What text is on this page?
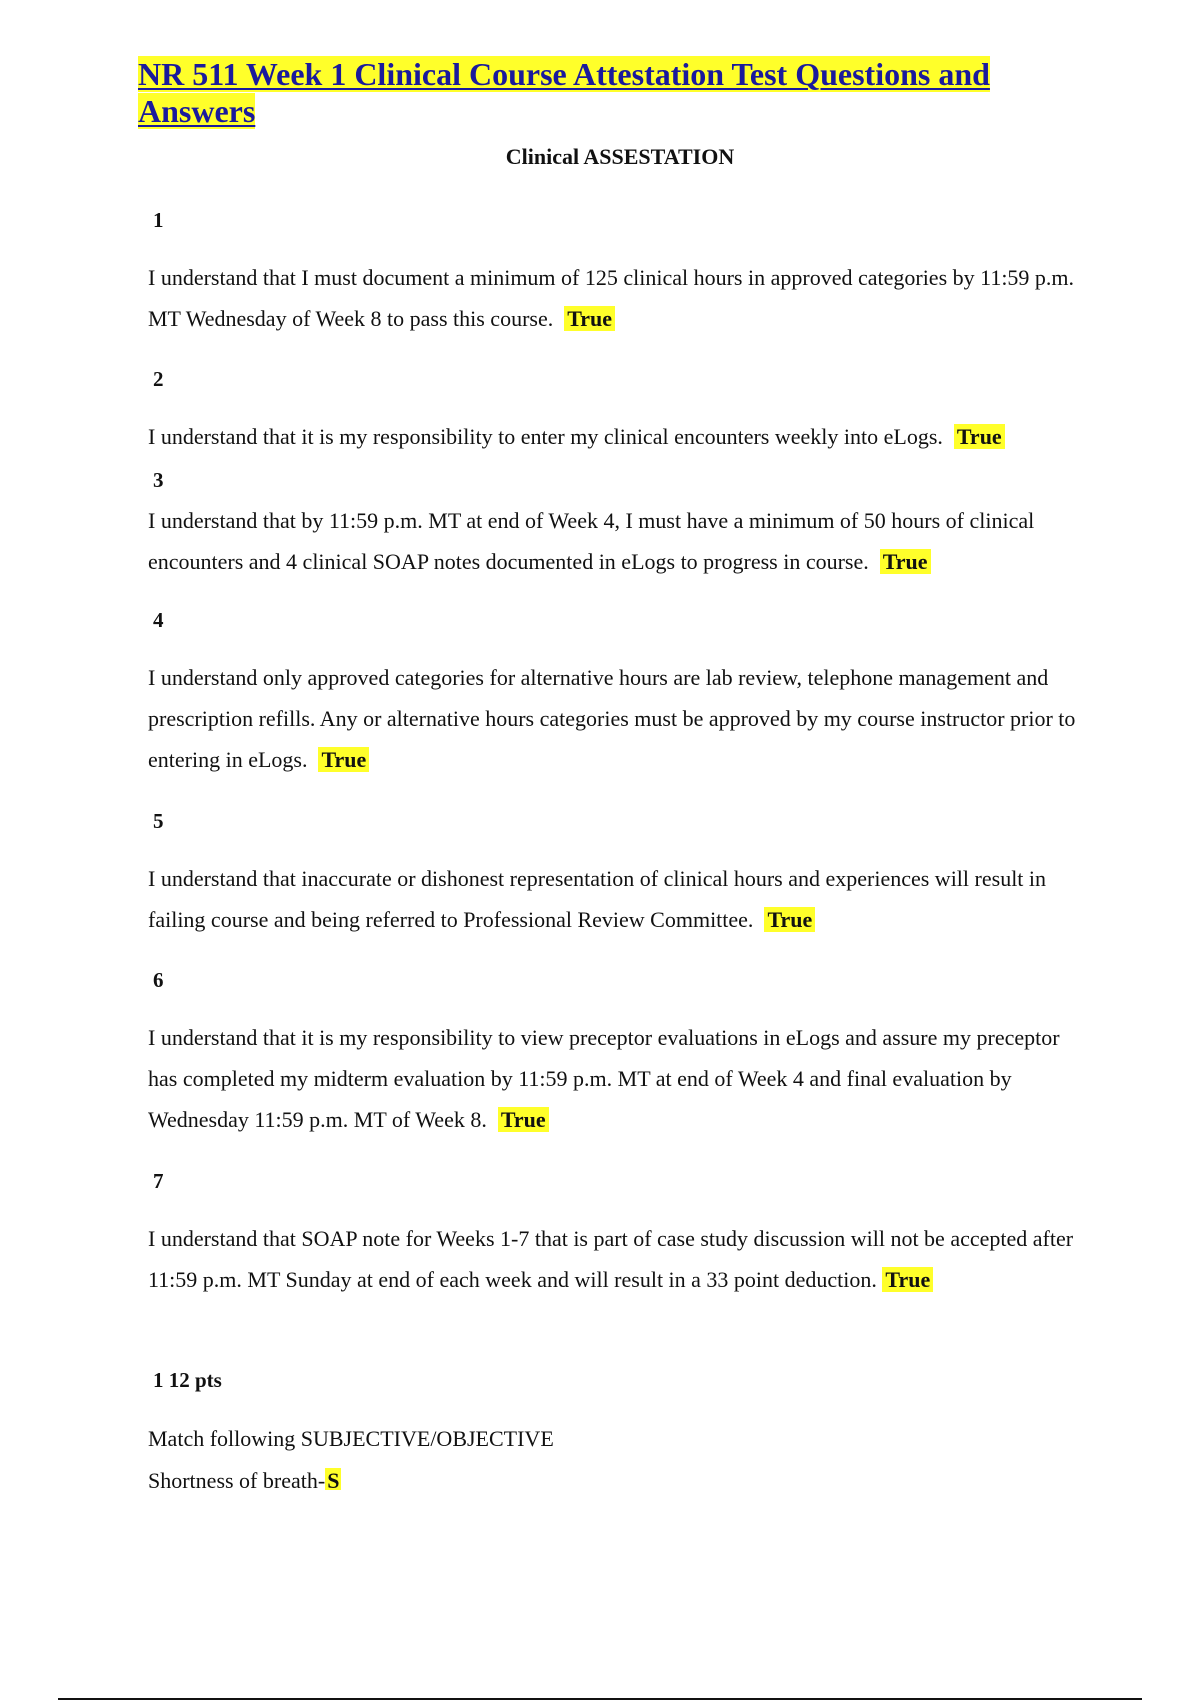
NR 511 Week 1 Clinical Course Attestation Test Questions and Answers

Clinical ASSESTATION

1

I understand that I must document a minimum of 125 clinical hours in approved categories by 11:59 p.m. MT Wednesday of Week 8 to pass this course. True

2

I understand that it is my responsibility to enter my clinical encounters weekly into eLogs. True

3

I understand that by 11:59 p.m. MT at end of Week 4, I must have a minimum of 50 hours of clinical encounters and 4 clinical SOAP notes documented in eLogs to progress in course. True

4

I understand only approved categories for alternative hours are lab review, telephone management and prescription refills. Any or alternative hours categories must be approved by my course instructor prior to entering in eLogs. True

5

I understand that inaccurate or dishonest representation of clinical hours and experiences will result in failing course and being referred to Professional Review Committee. True

6

I understand that it is my responsibility to view preceptor evaluations in eLogs and assure my preceptor has completed my midterm evaluation by 11:59 p.m. MT at end of Week 4 and final evaluation by Wednesday 11:59 p.m. MT of Week 8. True

7

I understand that SOAP note for Weeks 1-7 that is part of case study discussion will not be accepted after 11:59 p.m. MT Sunday at end of each week and will result in a 33 point deduction. True

1 12 pts

Match following SUBJECTIVE/OBJECTIVE

Shortness of breath-S
